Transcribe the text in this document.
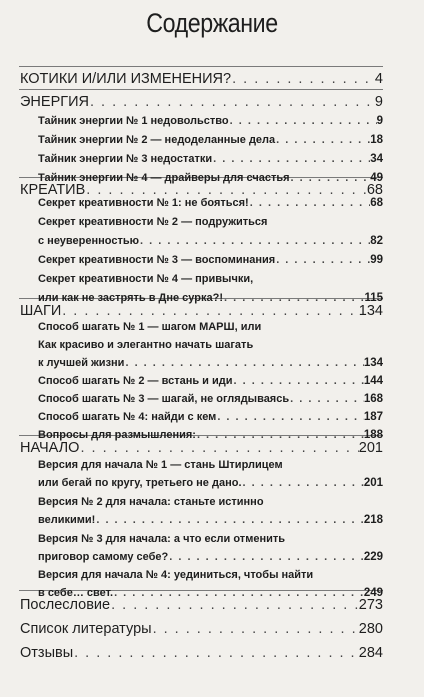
Содержание
КОТИКИ И/ИЛИ ИЗМЕНЕНИЯ? . . .	4
ЭНЕРГИЯ . . .	9
Тайник энергии № 1 недовольство . . .	9
Тайник энергии № 2 — недоделанные дела . . .	18
Тайник энергии № 3 недостатки . . .	34
Тайник энергии № 4 — драйверы для счастья . . .	49
КРЕАТИВ . . .	68
Секрет креативности № 1: не бояться! . . .	68
Секрет креативности № 2 — подружиться
с неуверенностью . . .	82
Секрет креативности № 3 — воспоминания . . .	99
Секрет креативности № 4 — привычки,
или как не застрять в Дне сурка?! . . .	115
ШАГИ . . .	134
Способ шагать № 1 — шагом МАРШ, или
Как красиво и элегантно начать шагать
к лучшей жизни . . .	134
Способ шагать № 2 — встань и иди . . .	144
Способ шагать № 3 — шагай, не оглядываясь . . .	168
Способ шагать № 4: найди с кем . . .	187
Вопросы для размышления: . . .	188
НАЧАЛО . . .	201
Версия для начала № 1 — стань Штирлицем
или бегай по кругу, третьего не дано. . . .	201
Версия № 2 для начала: станьте истинно
великими! . . .	218
Версия № 3 для начала: а что если отменить
приговор самому себе? . . .	229
Версия для начала № 4: уединиться, чтобы найти
в себе… свет. . . .	249
Послесловие . . .	273
Список литературы . . .	280
Отзывы . . .	284
